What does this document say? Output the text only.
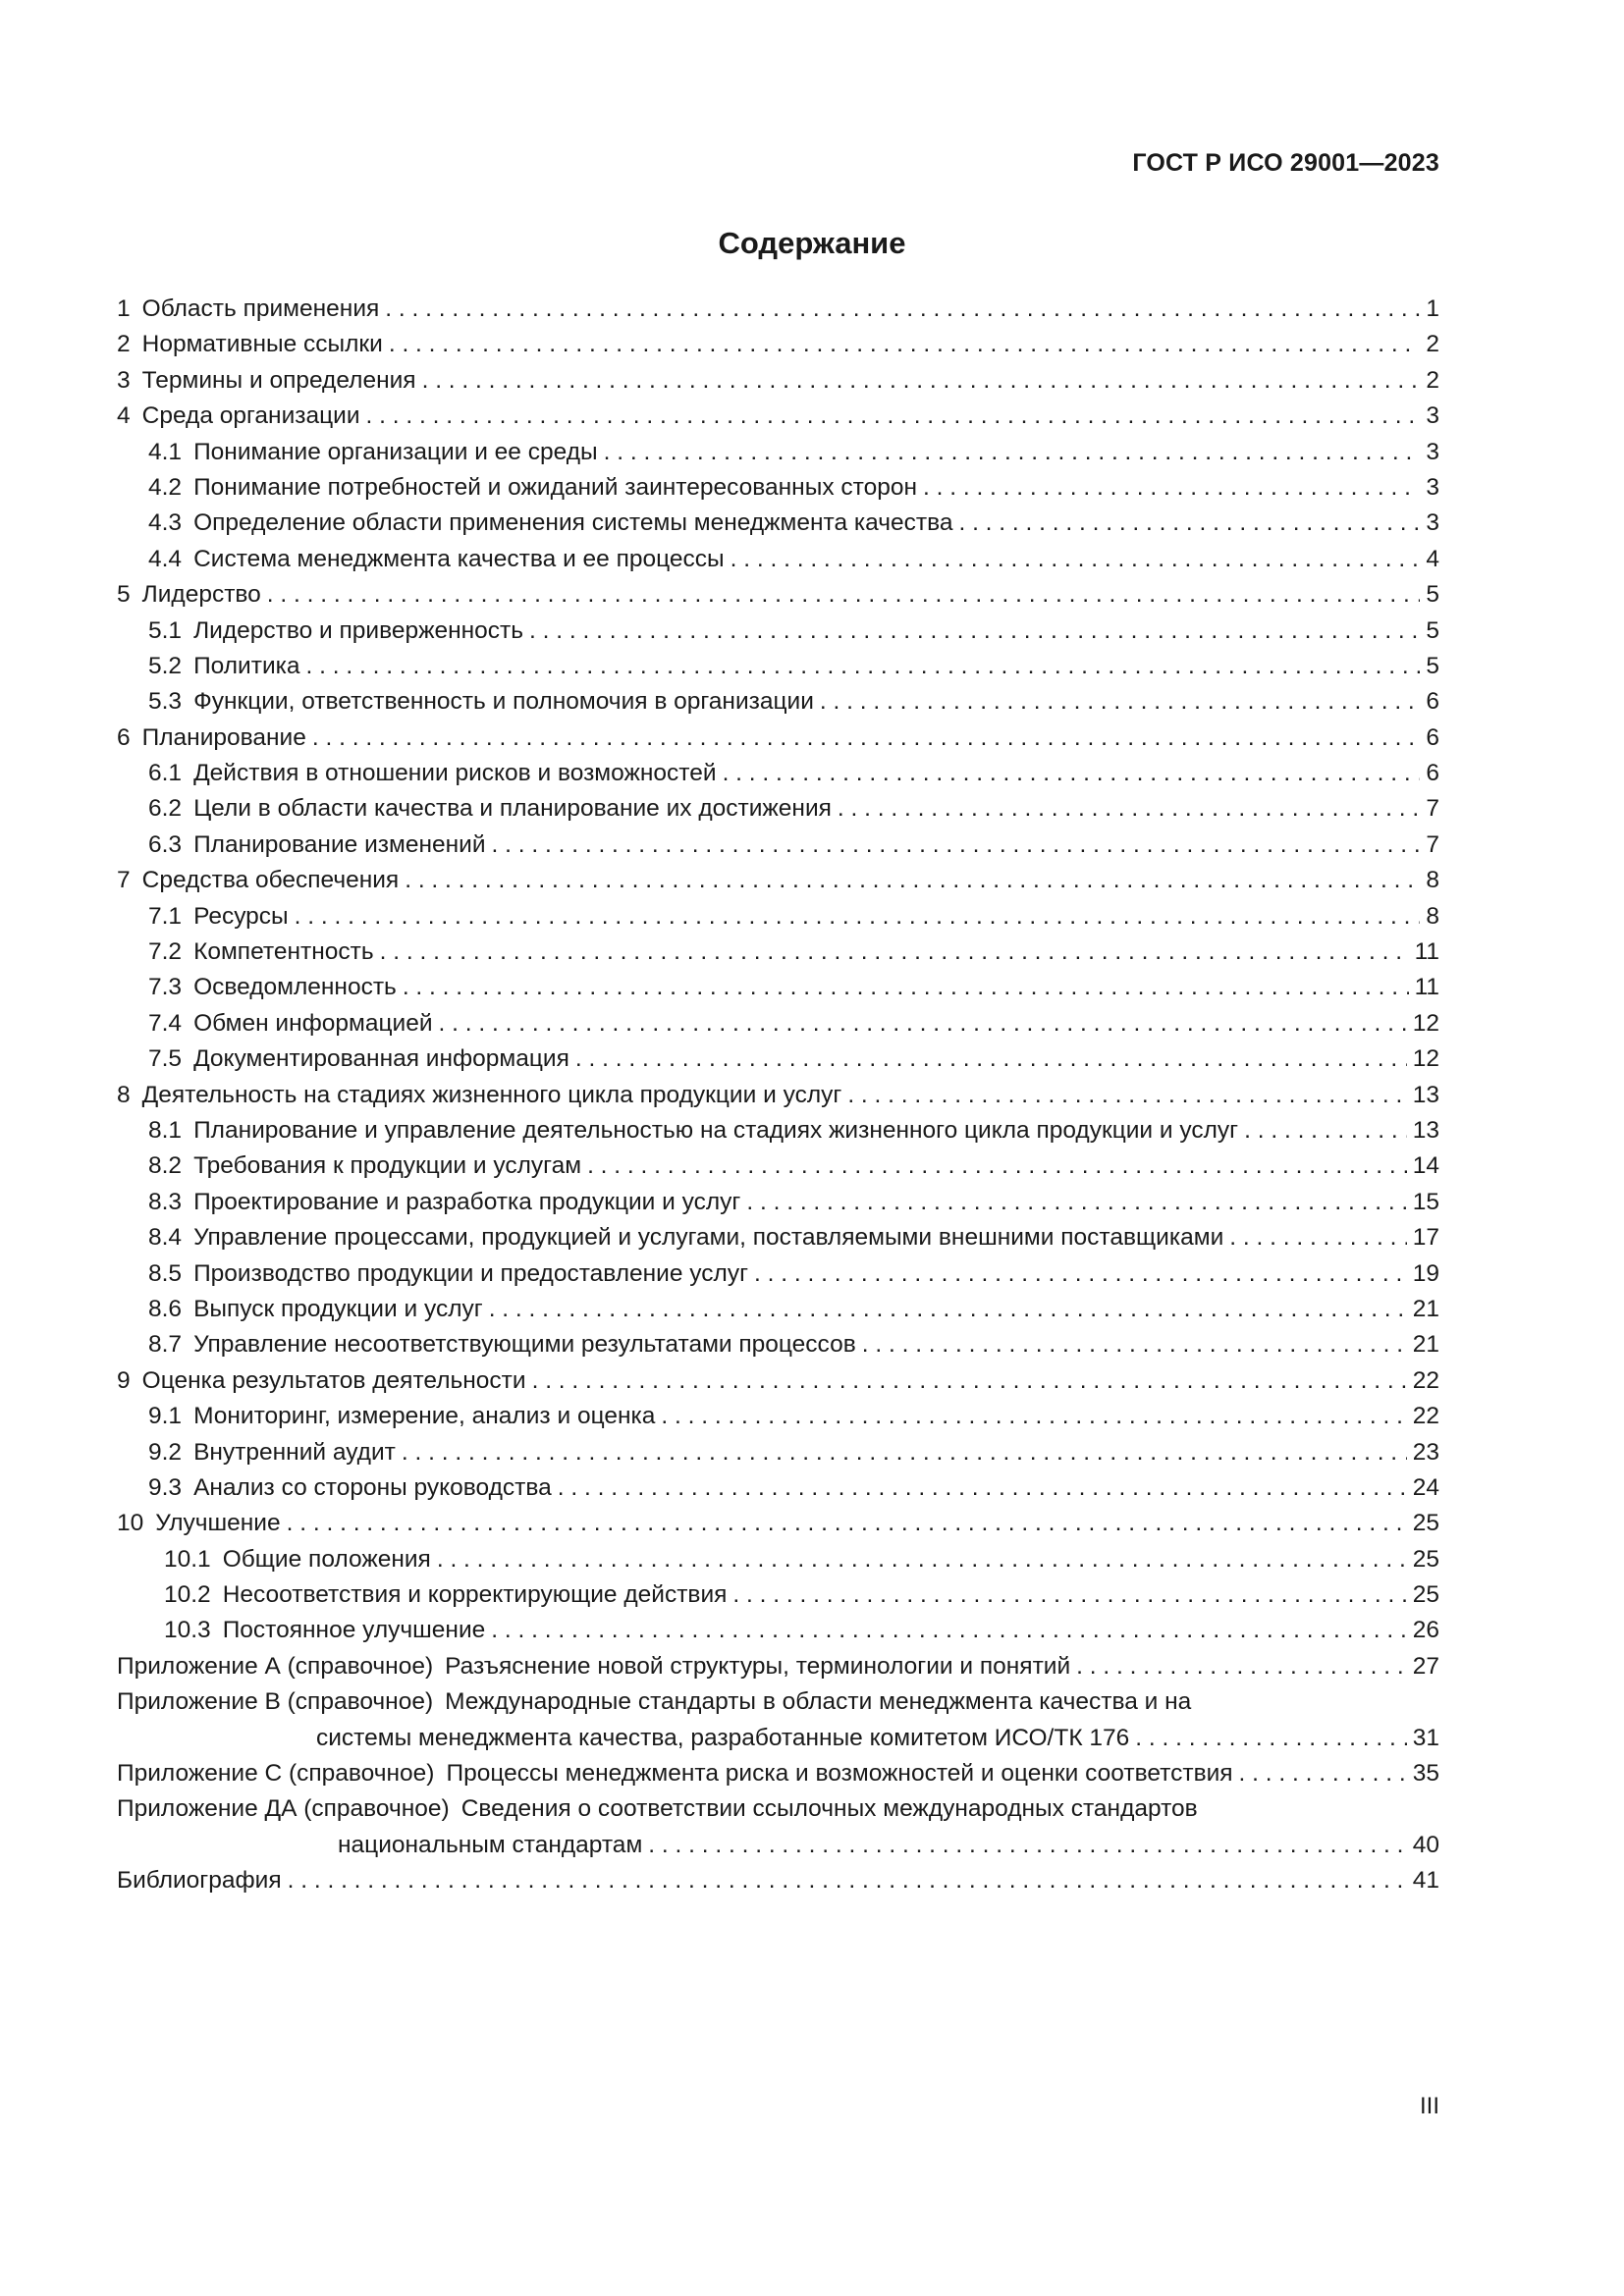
ГОСТ Р ИСО 29001—2023
Содержание
1 Область применения . . .	1
2 Нормативные ссылки . . .	2
3 Термины и определения . . .	2
4 Среда организации . . .	3
4.1 Понимание организации и ее среды . . .	3
4.2 Понимание потребностей и ожиданий заинтересованных сторон . . .	3
4.3 Определение области применения системы менеджмента качества . . .	3
4.4 Система менеджмента качества и ее процессы . . .	4
5 Лидерство . . .	5
5.1 Лидерство и приверженность . . .	5
5.2 Политика . . .	5
5.3 Функции, ответственность и полномочия в организации . . .	6
6 Планирование . . .	6
6.1 Действия в отношении рисков и возможностей . . .	6
6.2 Цели в области качества и планирование их достижения . . .	7
6.3 Планирование изменений . . .	7
7 Средства обеспечения . . .	8
7.1 Ресурсы . . .	8
7.2 Компетентность . . .	11
7.3 Осведомленность . . .	11
7.4 Обмен информацией . . .	12
7.5 Документированная информация . . .	12
8 Деятельность на стадиях жизненного цикла продукции и услуг . . .	13
8.1 Планирование и управление деятельностью на стадиях жизненного цикла продукции и услуг . . .	13
8.2 Требования к продукции и услугам . . .	14
8.3 Проектирование и разработка продукции и услуг . . .	15
8.4 Управление процессами, продукцией и услугами, поставляемыми внешними поставщиками . . .	17
8.5 Производство продукции и предоставление услуг . . .	19
8.6 Выпуск продукции и услуг . . .	21
8.7 Управление несоответствующими результатами процессов . . .	21
9 Оценка результатов деятельности . . .	22
9.1 Мониторинг, измерение, анализ и оценка . . .	22
9.2 Внутренний аудит . . .	23
9.3 Анализ со стороны руководства . . .	24
10 Улучшение . . .	25
10.1 Общие положения . . .	25
10.2 Несоответствия и корректирующие действия . . .	25
10.3 Постоянное улучшение . . .	26
Приложение А (справочное) Разъяснение новой структуры, терминологии и понятий . . .	27
Приложение В (справочное) Международные стандарты в области менеджмента качества и на
системы менеджмента качества, разработанные комитетом ИСО/ТК 176 . . .	31
Приложение С (справочное) Процессы менеджмента риска и возможностей и оценки соответствия . . .	35
Приложение ДА (справочное) Сведения о соответствии ссылочных международных стандартов
национальным стандартам . . .	40
Библиография . . .	41
III
